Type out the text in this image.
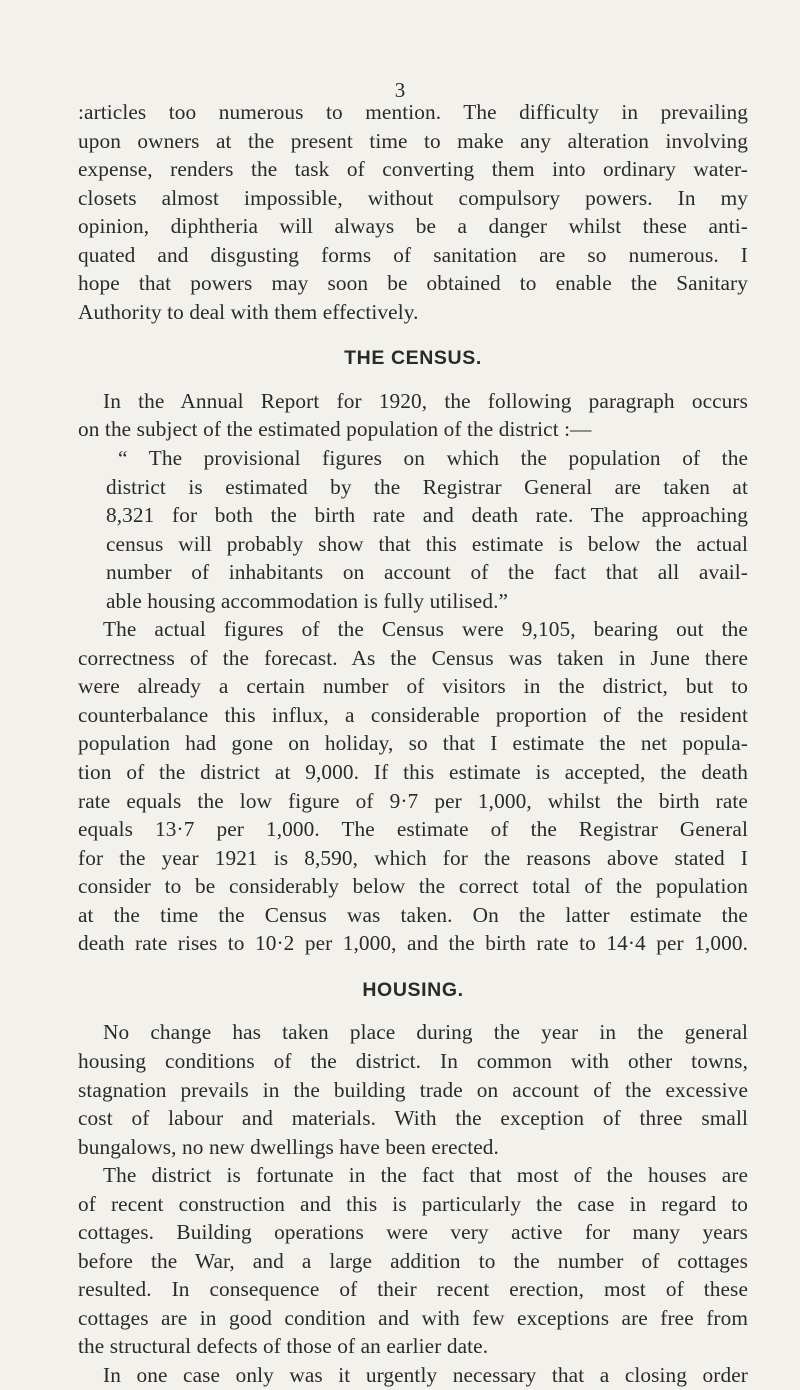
3
:articles too numerous to mention. The difficulty in prevailing
upon owners at the present time to make any alteration involving
expense, renders the task of converting them into ordinary water-
closets almost impossible, without compulsory powers. In my
opinion, diphtheria will always be a danger whilst these anti-
quated and disgusting forms of sanitation are so numerous. I
hope that powers may soon be obtained to enable the Sanitary
Authority to deal with them effectively.
THE CENSUS.
In the Annual Report for 1920, the following paragraph occurs
on the subject of the estimated population of the district :—
“ The provisional figures on which the population of the
district is estimated by the Registrar General are taken at
8,321 for both the birth rate and death rate. The approaching
census will probably show that this estimate is below the actual
number of inhabitants on account of the fact that all avail-
able housing accommodation is fully utilised.”
The actual figures of the Census were 9,105, bearing out the
correctness of the forecast. As the Census was taken in June there
were already a certain number of visitors in the district, but to
counterbalance this influx, a considerable proportion of the resident
population had gone on holiday, so that I estimate the net popula-
tion of the district at 9,000. If this estimate is accepted, the death
rate equals the low figure of 9·7 per 1,000, whilst the birth rate
equals 13·7 per 1,000. The estimate of the Registrar General
for the year 1921 is 8,590, which for the reasons above stated I
consider to be considerably below the correct total of the population
at the time the Census was taken. On the latter estimate the
death rate rises to 10·2 per 1,000, and the birth rate to 14·4 per 1,000.
HOUSING.
No change has taken place during the year in the general
housing conditions of the district. In common with other towns,
stagnation prevails in the building trade on account of the excessive
cost of labour and materials. With the exception of three small
bungalows, no new dwellings have been erected.
The district is fortunate in the fact that most of the houses are
of recent construction and this is particularly the case in regard to
cottages. Building operations were very active for many years
before the War, and a large addition to the number of cottages
resulted. In consequence of their recent erection, most of these
cottages are in good condition and with few exceptions are free from
the structural defects of those of an earlier date.
In one case only was it urgently necessary that a closing order
